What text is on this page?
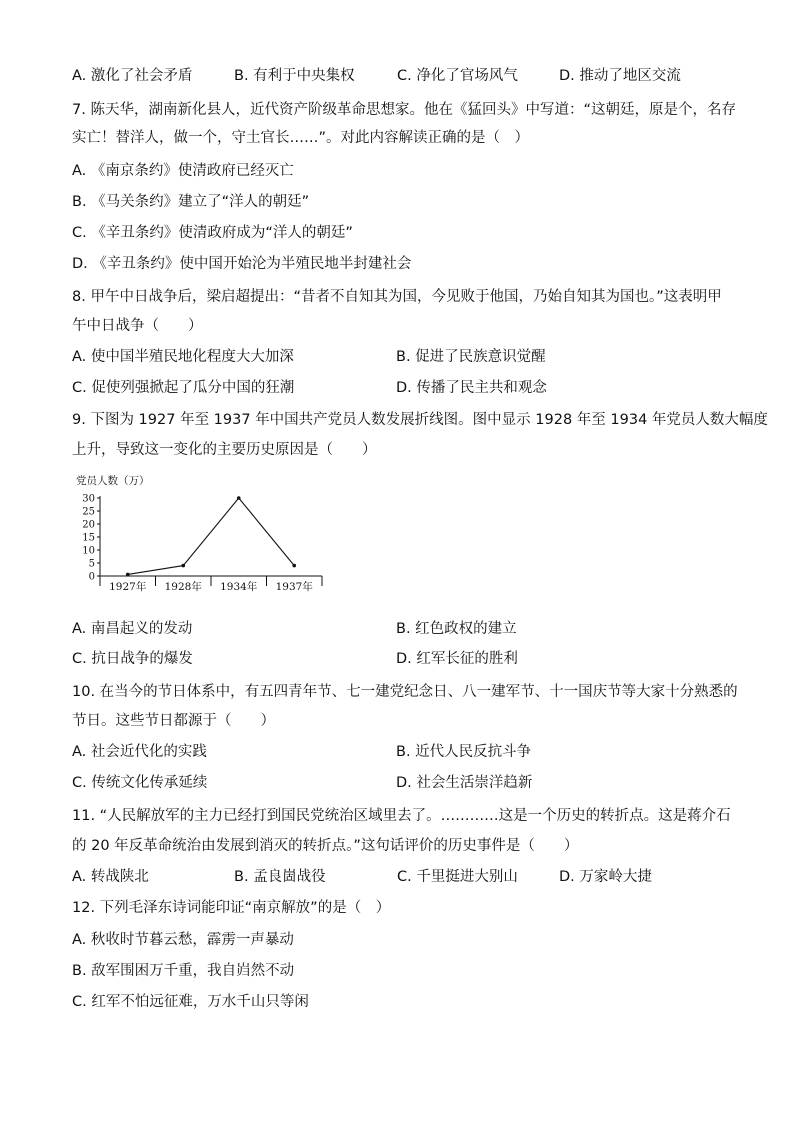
A. 激化了社会矛盾	B. 有利于中央集权	C. 净化了官场风气	D. 推动了地区交流
7. 陈天华，湖南新化县人，近代资产阶级革命思想家。他在《猛回头》中写道：“这朝廷，原是个，名存
实亡！替洋人，做一个，守土官长……”。对此内容解读正确的是（　）
A. 《南京条约》使清政府已经灭亡
B. 《马关条约》建立了“洋人的朝廷”
C. 《辛丑条约》使清政府成为“洋人的朝廷”
D. 《辛丑条约》使中国开始沦为半殖民地半封建社会
8. 甲午中日战争后，梁启超提出：“昔者不自知其为国，今见败于他国，乃始自知其为国也。”这表明甲
午中日战争（　　）
A. 使中国半殖民地化程度大大加深	B. 促进了民族意识觉醒
C. 促使列强掀起了瓜分中国的狂潮	D. 传播了民主共和观念
9. 下图为 1927 年至 1937 年中国共产党员人数发展折线图。图中显示 1928 年至 1934 年党员人数大幅度
上升，导致这一变化的主要历史原因是（　　）
党员人数（万）
0
5
10
15
20
25
30
1927年 1928年 1934年 1937年
A. 南昌起义的发动	B. 红色政权的建立
C. 抗日战争的爆发	D. 红军长征的胜利
10. 在当今的节日体系中，有五四青年节、七一建党纪念日、八一建军节、十一国庆节等大家十分熟悉的
节日。这些节日都源于（　　）
A. 社会近代化的实践	B. 近代人民反抗斗争
C. 传统文化传承延续	D. 社会生活崇洋趋新
11. “人民解放军的主力已经打到国民党统治区域里去了。…………这是一个历史的转折点。这是蒋介石
的 20 年反革命统治由发展到消灭的转折点。”这句话评价的历史事件是（　　）
A. 转战陕北	B. 孟良崮战役	C. 千里挺进大别山	D. 万家岭大捷
12. 下列毛泽东诗词能印证“南京解放”的是（　）
A. 秋收时节暮云愁，霹雳一声暴动
B. 敌军围困万千重，我自岿然不动
C. 红军不怕远征难，万水千山只等闲
